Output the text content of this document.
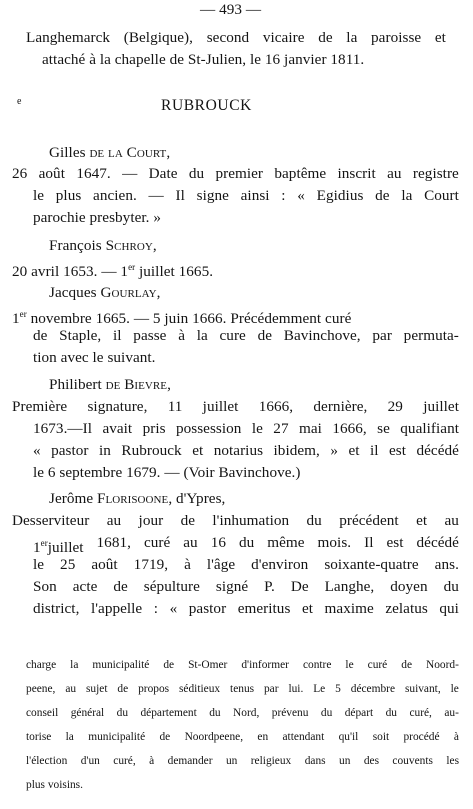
— 493 —
Langhemarck (Belgique), second vicaire de la paroisse et
attaché à la chapelle de St-Julien, le 16 janvier 1811.
e	RUBROUCK
Gilles de la Court,
26 août 1647. — Date du premier baptême inscrit au registre
le plus ancien. — Il signe ainsi : « Egidius de la Court
parochie presbyter. »
François Schroy,
20 avril 1653. — 1er juillet 1665.
Jacques Gourlay,
1er novembre 1665. — 5 juin 1666. Précédemment curé
de Staple, il passe à la cure de Bavinchove, par permuta-
tion avec le suivant.
Philibert de Bievre,
Première signature, 11 juillet 1666, dernière, 29 juillet
1673.—Il avait pris possession le 27 mai 1666, se qualifiant
« pastor in Rubrouck et notarius ibidem, » et il est décédé
le 6 septembre 1679. — (Voir Bavinchove.)
Jerôme Florisoone, d'Ypres,
Desserviteur au jour de l'inhumation du précédent et au
1erjuillet 1681, curé au 16 du même mois. Il est décédé
le 25 août 1719, à l'âge d'environ soixante-quatre ans.
Son acte de sépulture signé P. De Langhe, doyen du
district, l'appelle : « pastor emeritus et maxime zelatus qui
charge la municipalité de St-Omer d'informer contre le curé de Noord-
peene, au sujet de propos séditieux tenus par lui. Le 5 décembre suivant, le
conseil général du département du Nord, prévenu du départ du curé, au-
torise la municipalité de Noordpeene, en attendant qu'il soit procédé à
l'élection d'un curé, à demander un religieux dans un des couvents les
plus voisins.
